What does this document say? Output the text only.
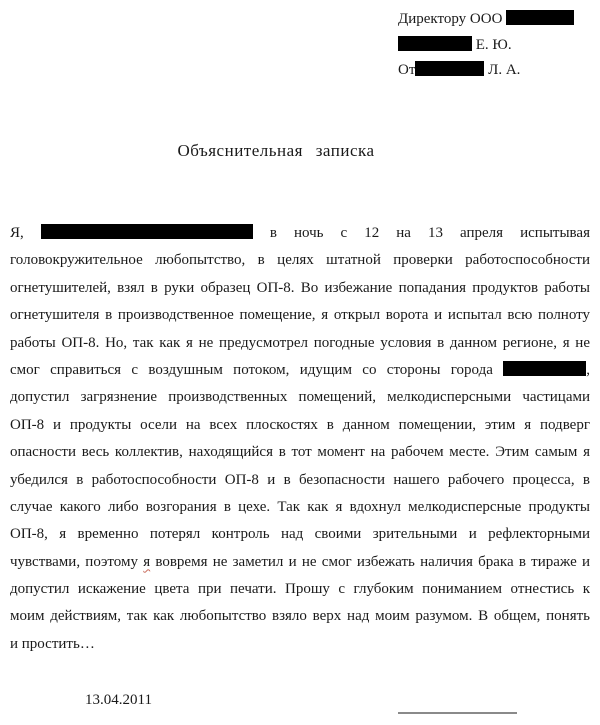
Директору ООО
Е. Ю.
От	Л. А.
Объяснительная записка
Я,	в ночь с 12 на 13 апреля испытывая
головокружительное любопытство, в целях штатной проверки работоспособности
огнетушителей, взял в руки образец ОП-8. Во избежание попадания продуктов работы
огнетушителя в производственное помещение, я открыл ворота и испытал всю полноту
работы ОП-8. Но, так как я не предусмотрел погодные условия в данном регионе, я не
смог справиться с воздушным потоком, идущим со стороны города	,
допустил загрязнение производственных помещений, мелкодисперсными частицами
ОП-8 и продукты осели на всех плоскостях в данном помещении, этим я подверг
опасности весь коллектив, находящийся в тот момент на рабочем месте. Этим самым я
убедился в работоспособности ОП-8 и в безопасности нашего рабочего процесса, в
случае какого либо возгорания в цехе. Так как я вдохнул мелкодисперсные продукты
ОП-8, я временно потерял контроль над своими зрительными и рефлекторными
чувствами, поэтому я вовремя не заметил и не смог избежать наличия брака в тираже и
допустил искажение цвета при печати. Прошу с глубоким пониманием отнестись к
моим действиям, так как любопытство взяло верх над моим разумом. В общем, понять
и простить…
13.04.2011
